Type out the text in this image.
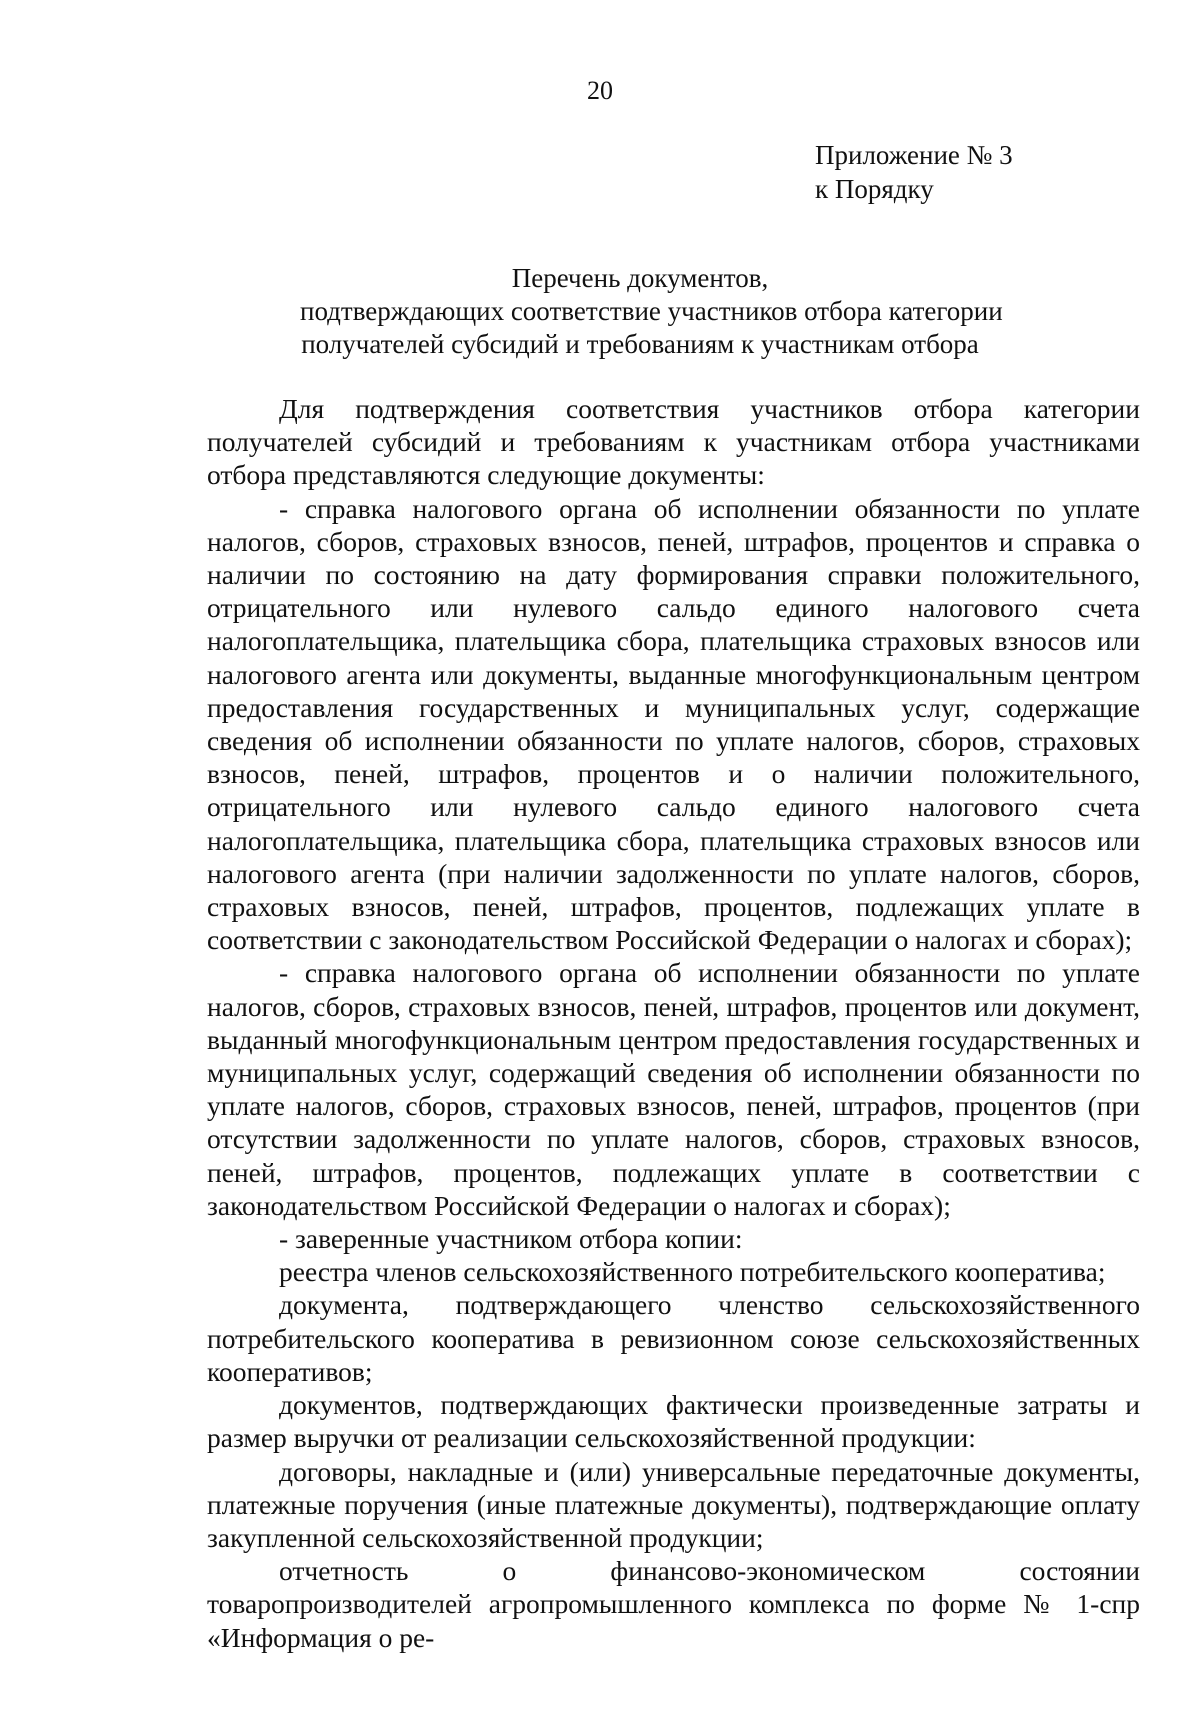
20
Приложение № 3
к Порядку
Перечень документов,
подтверждающих соответствие участников отбора категории
получателей субсидий и требованиям к участникам отбора

Для подтверждения соответствия участников отбора категории получателей субсидий и требованиям к участникам отбора участниками отбора представляются следующие документы:

- справка налогового органа об исполнении обязанности по уплате налогов, сборов, страховых взносов, пеней, штрафов, процентов и справка о наличии по состоянию на дату формирования справки положительного, отрицательного или нулевого сальдо единого налогового счета налогоплательщика, плательщика сбора, плательщика страховых взносов или налогового агента или документы, выданные многофункциональным центром предоставления государственных и муниципальных услуг, содержащие сведения об исполнении обязанности по уплате налогов, сборов, страховых взносов, пеней, штрафов, процентов и о наличии положительного, отрицательного или нулевого сальдо единого налогового счета налогоплательщика, плательщика сбора, плательщика страховых взносов или налогового агента (при наличии задолженности по уплате налогов, сборов, страховых взносов, пеней, штрафов, процентов, подлежащих уплате в соответствии с законодательством Российской Федерации о налогах и сборах);

- справка налогового органа об исполнении обязанности по уплате налогов, сборов, страховых взносов, пеней, штрафов, процентов или документ, выданный многофункциональным центром предоставления государственных и муниципальных услуг, содержащий сведения об исполнении обязанности по уплате налогов, сборов, страховых взносов, пеней, штрафов, процентов (при отсутствии задолженности по уплате налогов, сборов, страховых взносов, пеней, штрафов, процентов, подлежащих уплате в соответствии с законодательством Российской Федерации о налогах и сборах);

- заверенные участником отбора копии:

реестра членов сельскохозяйственного потребительского кооператива;

документа, подтверждающего членство сельскохозяйственного потребительского кооператива в ревизионном союзе сельскохозяйственных кооперативов;

документов, подтверждающих фактически произведенные затраты и размер выручки от реализации сельскохозяйственной продукции:

договоры, накладные и (или) универсальные передаточные документы, платежные поручения (иные платежные документы), подтверждающие оплату закупленной сельскохозяйственной продукции;

отчетность о финансово-экономическом состоянии товаропроизводителей агропромышленного комплекса по форме № 1-спр «Информация о ре-
